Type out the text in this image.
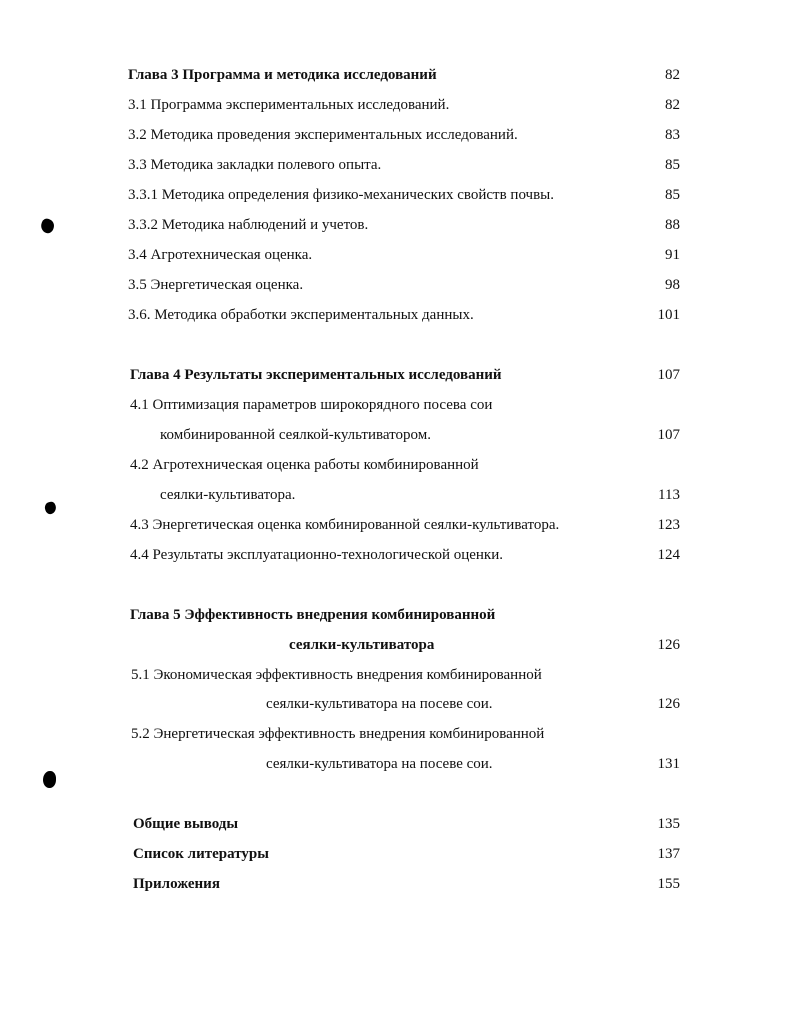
Глава 3 Программа и методика исследований	82
3.1 Программа экспериментальных исследований.	82
3.2 Методика проведения экспериментальных исследований.	83
3.3 Методика закладки полевого опыта.	85
3.3.1 Методика определения физико-механических свойств почвы.	85
3.3.2 Методика наблюдений и учетов.	88
3.4 Агротехническая оценка.	91
3.5 Энергетическая оценка.	98
3.6. Методика обработки экспериментальных данных.	101
Глава 4 Результаты экспериментальных исследований	107
4.1 Оптимизация параметров широкорядного посева сои
комбинированной сеялкой-культиватором.	107
4.2 Агротехническая оценка работы комбинированной
сеялки-культиватора.	113
4.3 Энергетическая оценка комбинированной сеялки-культиватора.	123
4.4 Результаты эксплуатационно-технологической оценки.	124
Глава 5 Эффективность внедрения комбинированной
сеялки-культиватора	126
5.1 Экономическая эффективность внедрения комбинированной
сеялки-культиватора на посеве сои.	126
5.2 Энергетическая эффективность внедрения комбинированной
сеялки-культиватора на посеве сои.	131
Общие выводы	135
Список литературы	137
Приложения	155
